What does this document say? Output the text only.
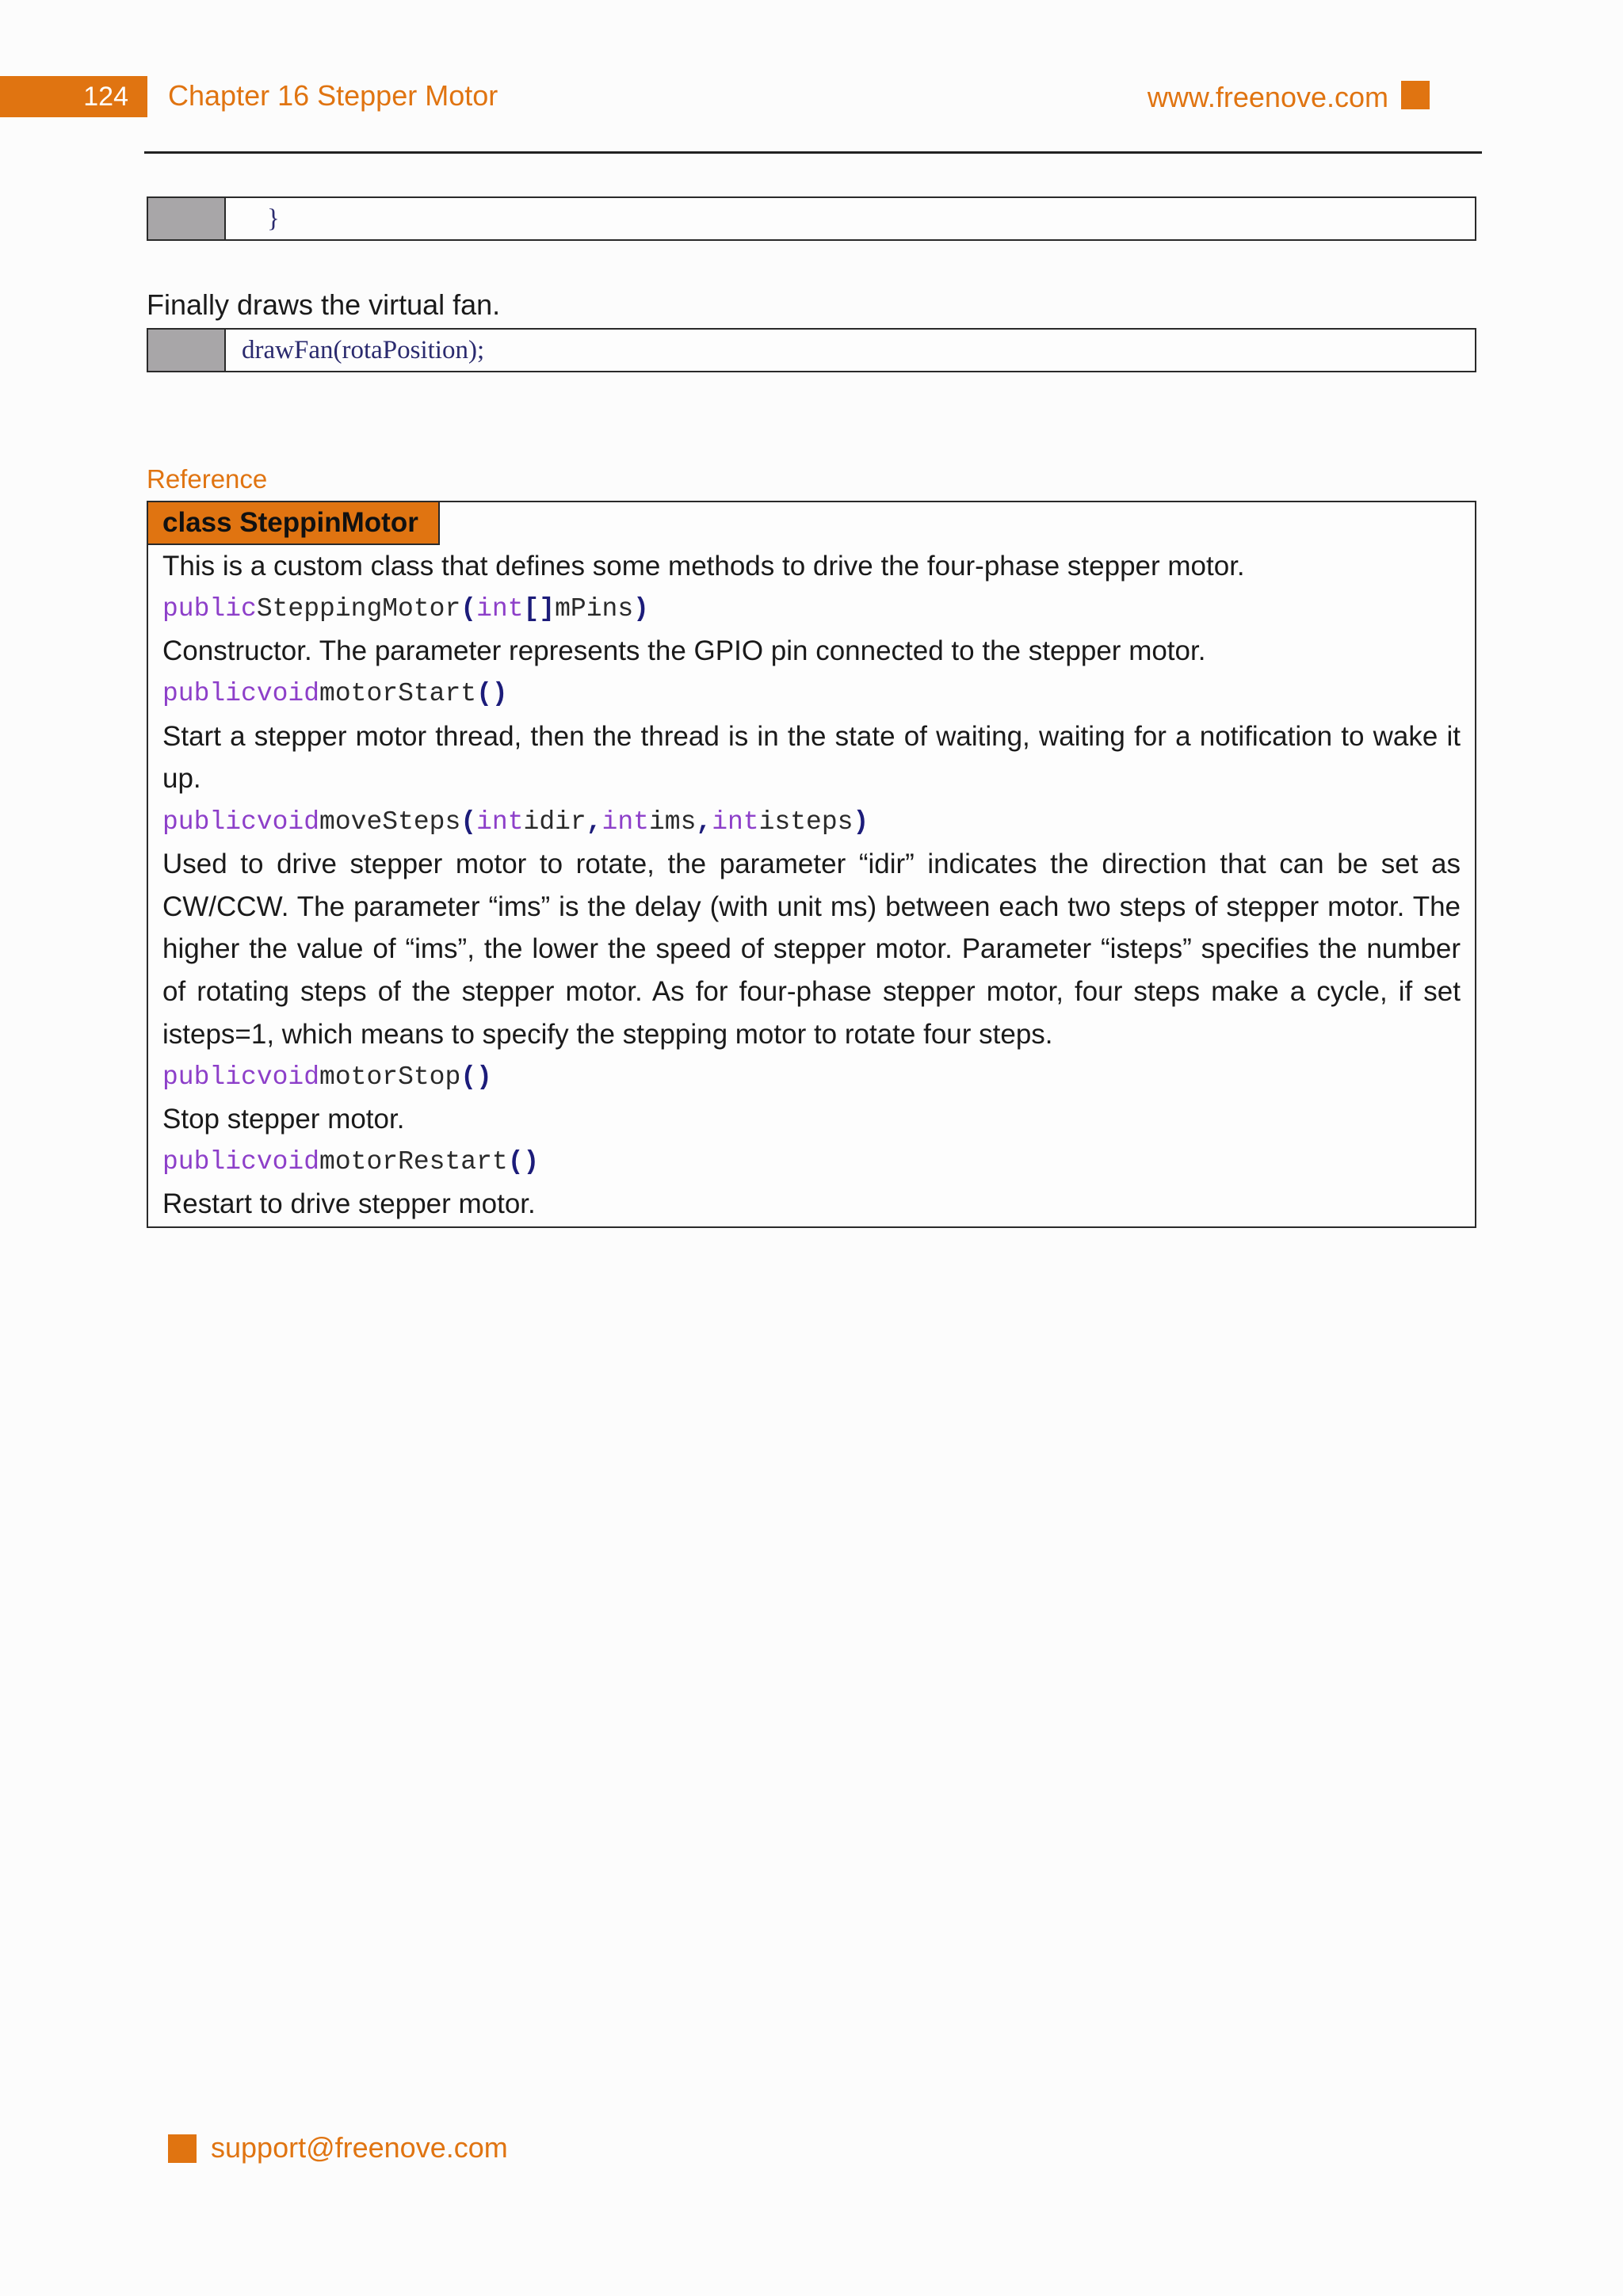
124	Chapter 16 Stepper Motor	www.freenove.com
}
Finally draws the virtual fan.
drawFan(rotaPosition);
Reference
class SteppinMotor
This is a custom class that defines some methods to drive the four-phase stepper motor.
public SteppingMotor ( int [] mPins )
Constructor. The parameter represents the GPIO pin connected to the stepper motor.
public void motorStart ()
Start a stepper motor thread, then the thread is in the state of waiting, waiting for a notification to wake it up.
public void moveSteps ( int idir , int ims , int isteps )
Used to drive stepper motor to rotate, the parameter “idir” indicates the direction that can be set as CW/CCW. The parameter “ims” is the delay (with unit ms) between each two steps of stepper motor. The higher the value of “ims”, the lower the speed of stepper motor. Parameter “isteps” specifies the number of rotating steps of the stepper motor. As for four-phase stepper motor, four steps make a cycle, if set isteps=1, which means to specify the stepping motor to rotate four steps.
public void motorStop ()
Stop stepper motor.
public void motorRestart ()
Restart to drive stepper motor.
support@freenove.com
